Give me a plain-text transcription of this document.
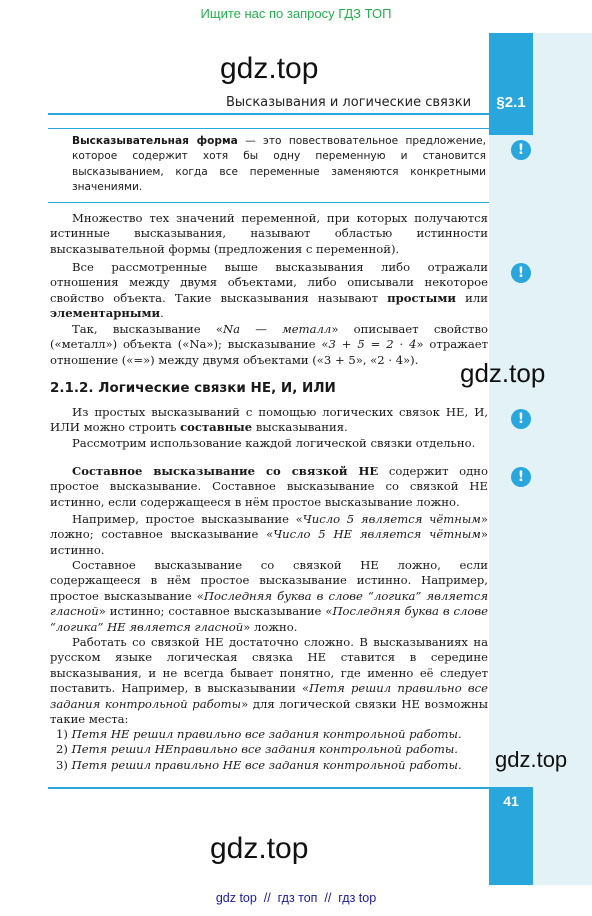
Ищите нас по запросу ГДЗ ТОП
§2.1
gdz.top
Высказывания и логические связки
Высказывательная форма — это повествовательное предложение, которое содержит хотя бы одну переменную и становится высказыванием, когда все переменные заменяются конкретными значениями.
!
!
!
!
Множество тех значений переменной, при которых получаются истинные высказывания, называют областью истинности высказывательной формы (предложения с переменной).
Все рассмотренные выше высказывания либо отражали отношения между двумя объектами, либо описывали некоторое свойство объекта. Такие высказывания называют простыми или элементарными.
Так, высказывание «Na — металл» описывает свойство («металл») объекта («Na»); высказывание «3 + 5 = 2 · 4» отражает отношение («=») между двумя объектами («3 + 5», «2 · 4»).	gdz.top
2.1.2. Логические связки НЕ, И, ИЛИ
Из простых высказываний с помощью логических связок НЕ, И, ИЛИ можно строить составные высказывания.
Рассмотрим использование каждой логической связки отдельно.
Составное высказывание со связкой НЕ содержит одно простое высказывание. Составное высказывание со связкой НЕ истинно, если содержащееся в нём простое высказывание ложно.
Например, простое высказывание «Число 5 является чётным» ложно; составное высказывание «Число 5 НЕ является чётным» истинно.
Составное высказывание со связкой НЕ ложно, если содержащееся в нём простое высказывание истинно. Например, простое высказывание «Последняя буква в слове “логика” является гласной» истинно; составное высказывание «Последняя буква в слове “логика” НЕ является гласной» ложно.
Работать со связкой НЕ достаточно сложно. В высказываниях на русском языке логическая связка НЕ ставится в середине высказывания, и не всегда бывает понятно, где именно её следует поставить. Например, в высказывании «Петя решил правильно все задания контрольной работы» для логической связки НЕ возможны такие места:
1) Петя НЕ решил правильно все задания контрольной работы.
2) Петя решил НЕправильно все задания контрольной работы.
3) Петя решил правильно НЕ все задания контрольной работы.	gdz.top
41
gdz.top
gdz top  //  гдз топ  //  гдз top
